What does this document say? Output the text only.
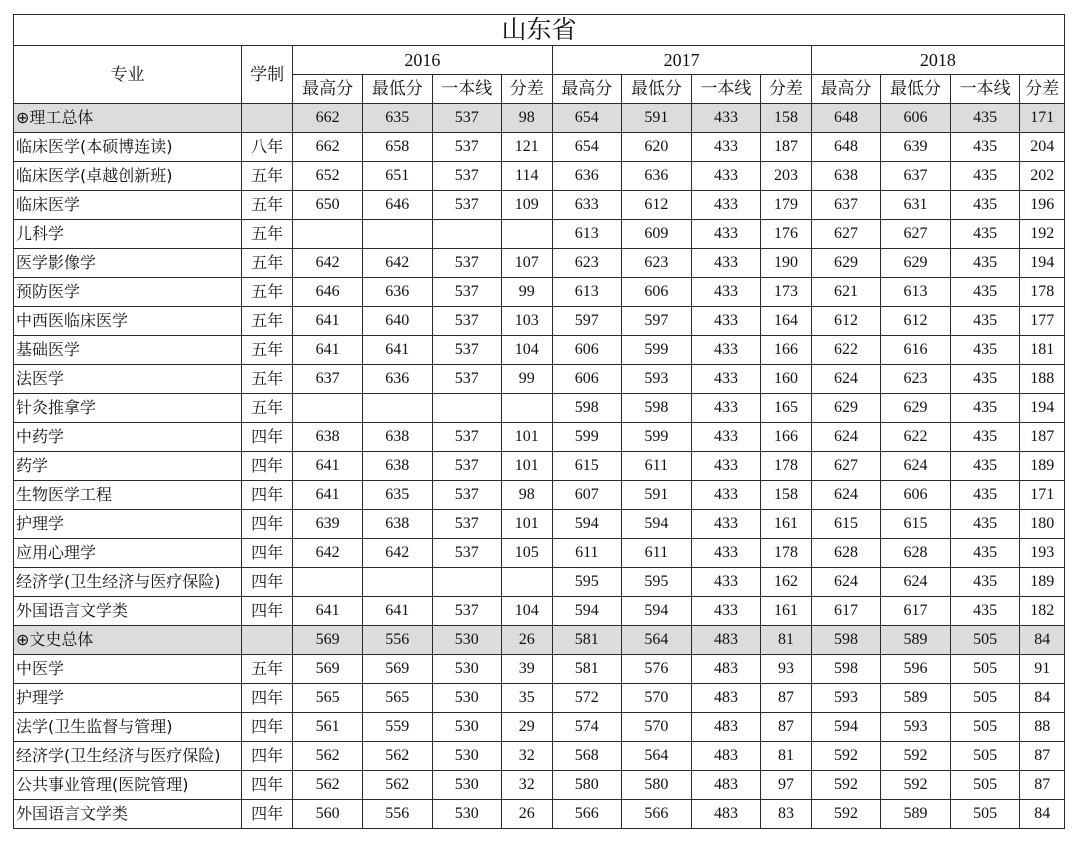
山东省													
专业	学制	2016				2017				2018			
		最高分	最低分	一本线	分差	最高分	最低分	一本线	分差	最高分	最低分	一本线	分差
⊕理工总体		662	635	537	98	654	591	433	158	648	606	435	171
临床医学(本硕博连读)	八年	662	658	537	121	654	620	433	187	648	639	435	204
临床医学(卓越创新班)	五年	652	651	537	114	636	636	433	203	638	637	435	202
临床医学	五年	650	646	537	109	633	612	433	179	637	631	435	196
儿科学	五年					613	609	433	176	627	627	435	192
医学影像学	五年	642	642	537	107	623	623	433	190	629	629	435	194
预防医学	五年	646	636	537	99	613	606	433	173	621	613	435	178
中西医临床医学	五年	641	640	537	103	597	597	433	164	612	612	435	177
基础医学	五年	641	641	537	104	606	599	433	166	622	616	435	181
法医学	五年	637	636	537	99	606	593	433	160	624	623	435	188
针灸推拿学	五年					598	598	433	165	629	629	435	194
中药学	四年	638	638	537	101	599	599	433	166	624	622	435	187
药学	四年	641	638	537	101	615	611	433	178	627	624	435	189
生物医学工程	四年	641	635	537	98	607	591	433	158	624	606	435	171
护理学	四年	639	638	537	101	594	594	433	161	615	615	435	180
应用心理学	四年	642	642	537	105	611	611	433	178	628	628	435	193
经济学(卫生经济与医疗保险)	四年					595	595	433	162	624	624	435	189
外国语言文学类	四年	641	641	537	104	594	594	433	161	617	617	435	182
⊕文史总体		569	556	530	26	581	564	483	81	598	589	505	84
中医学	五年	569	569	530	39	581	576	483	93	598	596	505	91
护理学	四年	565	565	530	35	572	570	483	87	593	589	505	84
法学(卫生监督与管理)	四年	561	559	530	29	574	570	483	87	594	593	505	88
经济学(卫生经济与医疗保险)	四年	562	562	530	32	568	564	483	81	592	592	505	87
公共事业管理(医院管理)	四年	562	562	530	32	580	580	483	97	592	592	505	87
外国语言文学类	四年	560	556	530	26	566	566	483	83	592	589	505	84
